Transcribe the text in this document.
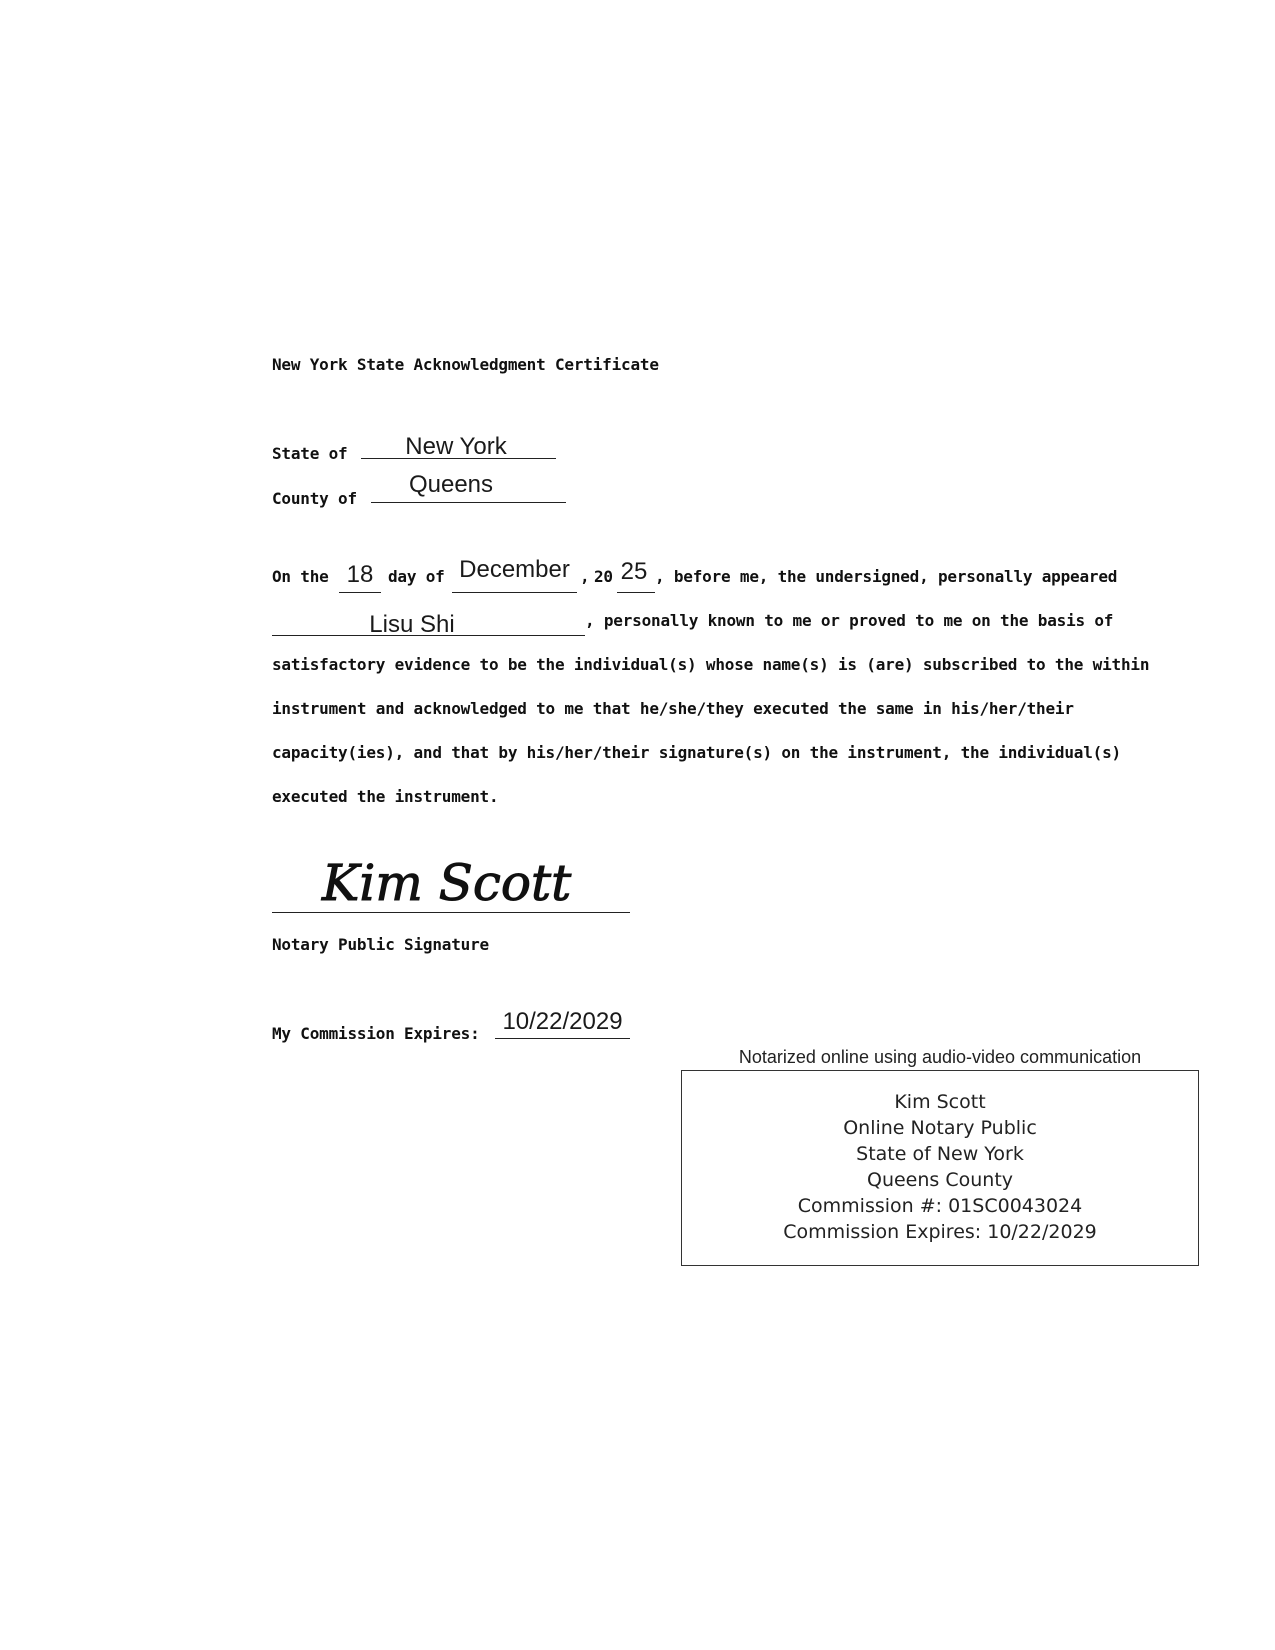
New York State Acknowledgment Certificate
State of	New York
County of
Queens
On the	day of	, 20	, before me, the undersigned, personally appeared
18	December	25
Lisu Shi	, personally known to me or proved to me on the basis of
satisfactory evidence to be the individual(s) whose name(s) is (are) subscribed to the within
instrument and acknowledged to me that he/she/they executed the same in his/her/their
capacity(ies), and that by his/her/their signature(s) on the instrument, the individual(s)
executed the instrument.
Kim Scott
Notary Public Signature
My Commission Expires: 10/22/2029
Notarized online using audio-video communication
Kim Scott
Online Notary Public
State of New York
Queens County
Commission #: 01SC0043024
Commission Expires: 10/22/2029
